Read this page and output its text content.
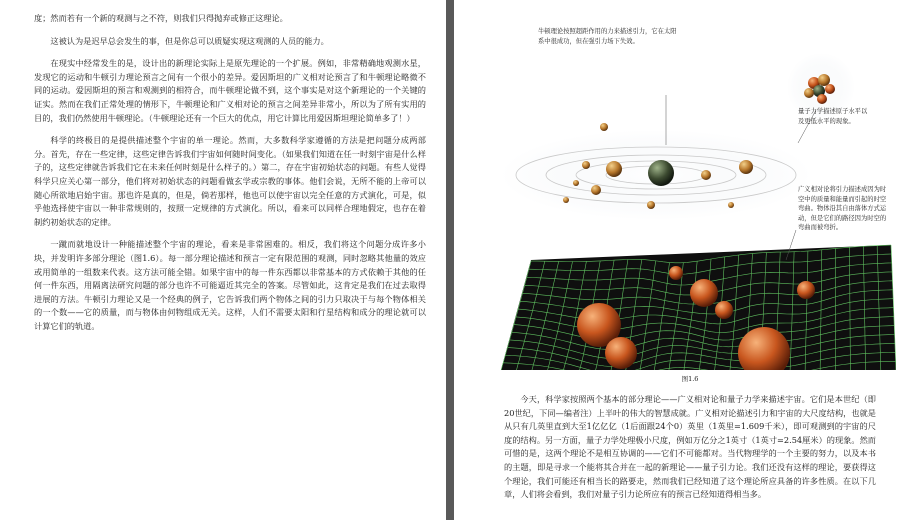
度；然而若有一个新的观测与之不符，则我们只得抛弃或修正这理论。

这被认为是迟早总会发生的事，但是你总可以质疑实现这观测的人员的能力。

在现实中经常发生的是，设计出的新理论实际上是原先理论的一个扩展。例如，非常精确地观测水星，发现它的运动和牛顿引力理论预言之间有一个很小的差异。爱因斯坦的广义相对论预言了和牛顿理论略微不同的运动。爱因斯坦的预言和观测到的相符合，而牛顿理论做不到，这个事实是对这个新理论的一个关键的证实。然而在我们正常处理的情形下，牛顿理论和广义相对论的预言之间差异非常小，所以为了所有实用的目的，我们仍然使用牛顿理论。（牛顿理论还有一个巨大的优点，用它计算比用爱因斯坦理论简单多了！）

科学的终极目的是提供描述整个宇宙的单一理论。然而，大多数科学家遵循的方法是把问题分成两部分。首先，存在一些定律，这些定律告诉我们宇宙如何随时间变化。（如果我们知道在任一时刻宇宙是什么样子的，这些定律就告诉我们它在未来任何时刻是什么样子的。）第二，存在宇宙初始状态的问题。有些人觉得科学只应关心第一部分，他们将对初始状态的问题看做玄学或宗教的事体。他们会说，无所不能的上帝可以随心所欲地启始宇宙。那也许是真的，但是，倘若那样，他也可以使宇宙以完全任意的方式演化，可是，似乎他选择使宇宙以一种非常规则的，按照一定规律的方式演化。所以，看来可以同样合理地假定，也存在着制约初始状态的定律。

一蹴而就地设计一种能描述整个宇宙的理论，看来是非常困难的。相反，我们将这个问题分成许多小块，并发明许多部分理论（图1.6）。每一部分理论描述和预言一定有限范围的观测，同时忽略其他量的效应或用简单的一组数来代表。这方法可能全错。如果宇宙中的每一件东西都以非常基本的方式依赖于其他的任何一件东西，用隔离法研究问题的部分也许不可能逼近其完全的答案。尽管如此，这肯定是我们在过去取得进展的方法。牛顿引力理论又是一个经典的例子，它告诉我们两个物体之间的引力只取决于与每个物体相关的一个数——它的质量，而与物体由何物组成无关。这样，人们不需要太阳和行星结构和成分的理论就可以计算它们的轨道。

牛顿理论按照超距作用的力来描述引力，它在太阳系中很成功，但在强引力场下失效。
量子力学描述原子水平以及更低水平的现象。
广义相对论将引力描述成因为时空中的质量和能量而引起的时空弯曲。物体沿其自由落体方式运动，但是它们的路径因为时空的弯曲而被弯折。
图1.6

今天，科学家按照两个基本的部分理论——广义相对论和量子力学来描述宇宙。它们是本世纪（即20世纪，下同—编者注）上半叶的伟大的智慧成就。广义相对论描述引力和宇宙的大尺度结构，也就是从只有几英里直到大至1亿亿亿（1后面跟24个0）英里（1英里=1.609千米），即可观测到的宇宙的尺度的结构。另一方面，量子力学处理极小尺度，例如万亿分之1英寸（1英寸=2.54厘米）的现象。然而可惜的是，这两个理论不是相互协调的——它们不可能都对。当代物理学的一个主要的努力，以及本书的主题，即是寻求一个能将其合并在一起的新理论——量子引力论。我们还没有这样的理论，要获得这个理论，我们可能还有相当长的路要走，然而我们已经知道了这个理论所应具备的许多性质。在以下几章，人们将会看到，我们对量子引力论所应有的预言已经知道得相当多。
